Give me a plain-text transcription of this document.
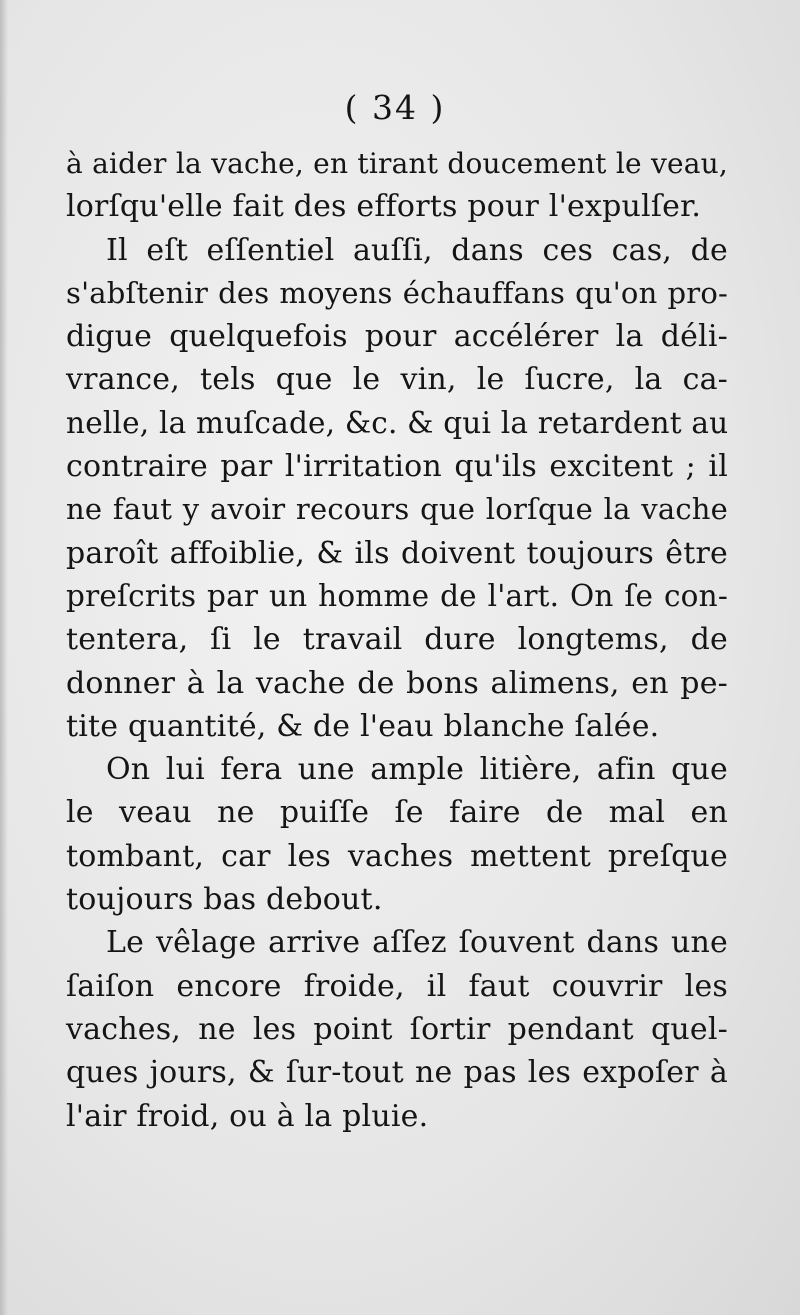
( 34 )
à aider la vache, en tirant doucement le veau,
lorſqu'elle fait des efforts pour l'expulſer.
Il eſt eſſentiel auſſi, dans ces cas, de
s'abſtenir des moyens échauffans qu'on pro-
digue quelquefois pour accélérer la déli-
vrance, tels que le vin, le ſucre, la ca-
nelle, la muſcade, &c. & qui la retardent au
contraire par l'irritation qu'ils excitent ; il
ne faut y avoir recours que lorſque la vache
paroît affoiblie, & ils doivent toujours être
preſcrits par un homme de l'art. On ſe con-
tentera, ſi le travail dure longtems, de
donner à la vache de bons alimens, en pe-
tite quantité, & de l'eau blanche ſalée.
On lui fera une ample litière, afin que
le veau ne puiſſe ſe faire de mal en
tombant, car les vaches mettent preſque
toujours bas debout.
Le vêlage arrive aſſez ſouvent dans une
ſaiſon encore froide, il faut couvrir les
vaches, ne les point ſortir pendant quel-
ques jours, & ſur-tout ne pas les expoſer à
l'air froid, ou à la pluie.
